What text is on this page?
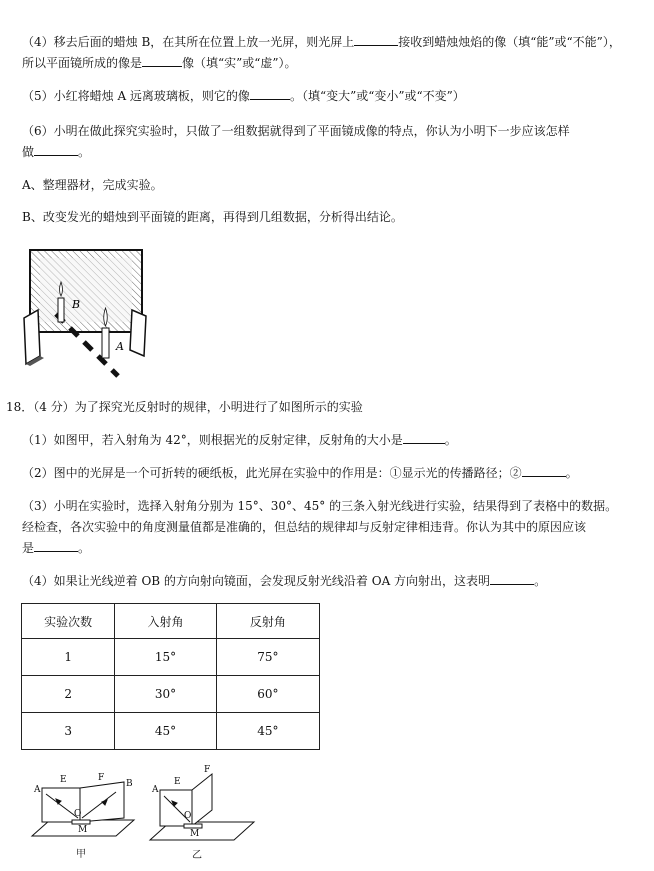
（4）移去后面的蜡烛 B，在其所在位置上放一光屏，则光屏上	接收到蜡烛烛焰的像（填“能”或“不能”），
所以平面镜所成的像是	像（填“实”或“虚”）。
（5）小红将蜡烛 A 远离玻璃板，则它的像	。（填“变大”或“变小”或“不变”）
（6）小明在做此探究实验时，只做了一组数据就得到了平面镜成像的特点，你认为小明下一步应该怎样
做	。
A、整理器材，完成实验。
B、改变发光的蜡烛到平面镜的距离，再得到几组数据，分析得出结论。
B
A
18．（4 分）为了探究光反射时的规律，小明进行了如图所示的实验
（1）如图甲，若入射角为 42°，则根据光的反射定律，反射角的大小是	。
（2）图中的光屏是一个可折转的硬纸板，此光屏在实验中的作用是：①显示光的传播路径；②	。
（3）小明在实验时，选择入射角分别为 15°、30°、45° 的三条入射光线进行实验，结果得到了表格中的数据。
经检查，各次实验中的角度测量值都是准确的，但总结的规律却与反射定律相违背。你认为其中的原因应该
是	。
（4）如果让光线逆着 OB 的方向射向镜面，会发现反射光线沿着 OA 方向射出，这表明	。
实验次数	入射角	反射角
1	15°	75°
2	30°	60°
3	45°	45°
A
E	F
B
O
M
A
E
F
O
M
甲	乙
